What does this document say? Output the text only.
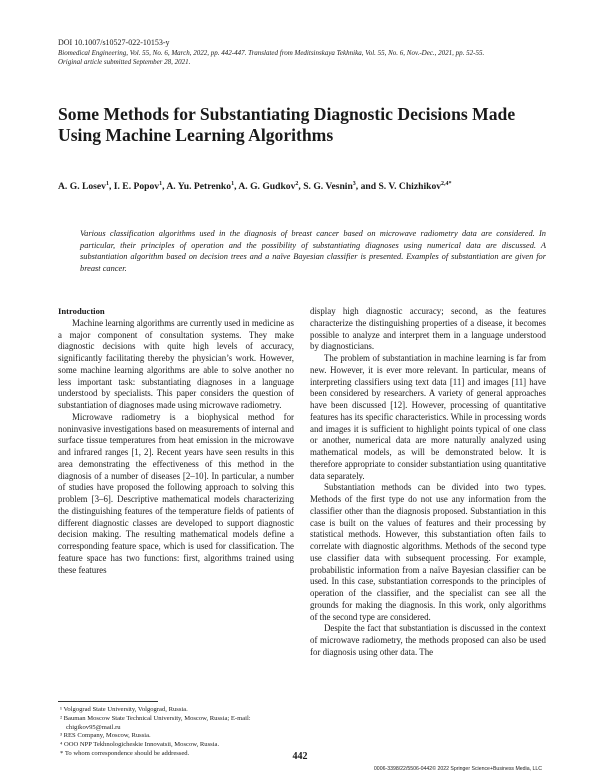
DOI 10.1007/s10527-022-10153-y
Biomedical Engineering, Vol. 55, No. 6, March, 2022, pp. 442-447. Translated from Meditsinskaya Tekhnika, Vol. 55, No. 6, Nov.-Dec., 2021, pp. 52-55.
Original article submitted September 28, 2021.
Some Methods for Substantiating Diagnostic Decisions Made Using Machine Learning Algorithms
A. G. Losev$^1$, I. E. Popov$^1$, A. Yu. Petrenko$^1$, A. G. Gudkov$^2$, S. G. Vesnin$^3$, and S. V. Chizhikov$^{2,4*}$
Various classification algorithms used in the diagnosis of breast cancer based on microwave radiometry data are considered. In particular, their principles of operation and the possibility of substantiating diagnoses using numerical data are discussed. A substantiation algorithm based on decision trees and a naïve Bayesian classifier is presented. Examples of substantiation are given for breast cancer.

Introduction

Machine learning algorithms are currently used in medicine as a major component of consultation systems. They make diagnostic decisions with quite high levels of accuracy, significantly facilitating thereby the physician’s work. However, some machine learning algorithms are able to solve another no less important task: substantiating diagnoses in a language understood by specialists. This paper considers the question of substantiation of diagnoses made using microwave radiometry.

Microwave radiometry is a biophysical method for noninvasive investigations based on measurements of internal and surface tissue temperatures from heat emission in the microwave and infrared ranges [1, 2]. Recent years have seen results in this area demonstrating the effectiveness of this method in the diagnosis of a number of diseases [2–10]. In particular, a number of studies have proposed the following approach to solving this problem [3–6]. Descriptive mathematical models characterizing the distinguishing features of the temperature fields of patients of different diagnostic classes are developed to support diagnostic decision making. The resulting mathematical models define a corresponding feature space, which is used for classification. The feature space has two functions: first, algorithms trained using these features

display high diagnostic accuracy; second, as the features characterize the distinguishing properties of a disease, it becomes possible to analyze and interpret them in a language understood by diagnosticians.

The problem of substantiation in machine learning is far from new. However, it is ever more relevant. In particular, means of interpreting classifiers using text data [11] and images [11] have been considered by researchers. A variety of general approaches have been discussed [12]. However, processing of quantitative features has its specific characteristics. While in processing words and images it is sufficient to highlight points typical of one class or another, numerical data are more naturally analyzed using mathematical models, as will be demonstrated below. It is therefore appropriate to consider substantiation using quantitative data separately.

Substantiation methods can be divided into two types. Methods of the first type do not use any information from the classifier other than the diagnosis proposed. Substantiation in this case is built on the values of features and their processing by statistical methods. However, this substantiation often fails to correlate with diagnostic algorithms. Methods of the second type use classifier data with subsequent processing. For example, probabilistic information from a naïve Bayesian classifier can be used. In this case, substantiation corresponds to the principles of operation of the classifier, and the specialist can see all the grounds for making the diagnosis. In this work, only algorithms of the second type are considered.

Despite the fact that substantiation is discussed in the context of microwave radiometry, the methods proposed can also be used for diagnosis using other data. The

¹ Volgograd State University, Volgograd, Russia.
² Bauman Moscow State Technical University, Moscow, Russia; E-mail: chigikov95@mail.ru
³ RES Company, Moscow, Russia.
⁴ OOO NPP Tekhnologicheskie Innovatsii, Moscow, Russia.
* To whom correspondence should be addressed.	442
0006-3398/22/5506-0442© 2022 Springer Science+Business Media, LLC
